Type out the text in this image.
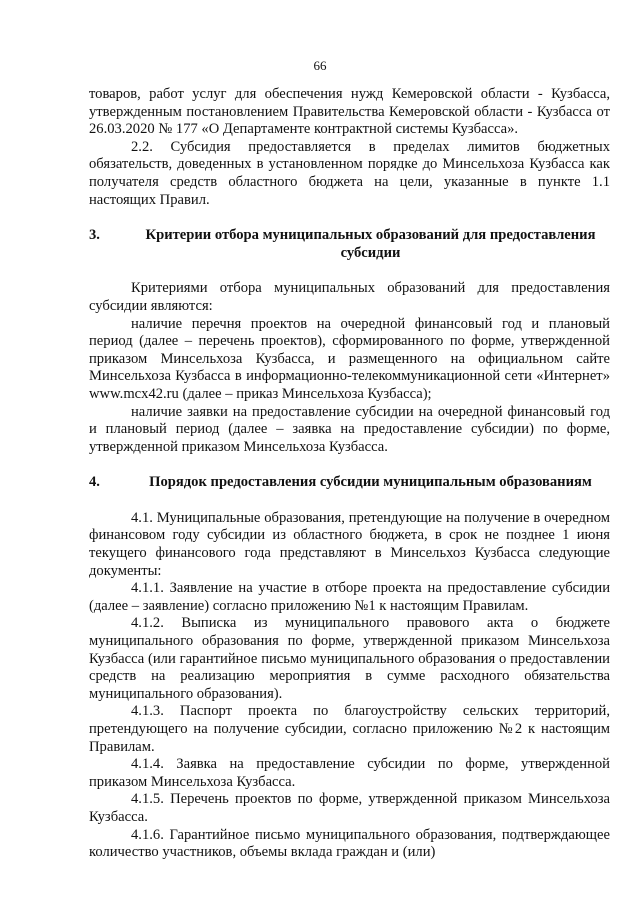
66

товаров, работ услуг для обеспечения нужд Кемеровской области - Кузбасса, утвержденным постановлением Правительства Кемеровской области - Кузбасса от 26.03.2020 № 177 «О Департаменте контрактной системы Кузбасса».

2.2. Субсидия предоставляется в пределах лимитов бюджетных обязательств, доведенных в установленном порядке до Минсельхоза Кузбасса как получателя средств областного бюджета на цели, указанные в пункте 1.1 настоящих Правил.

3.	Критерии отбора муниципальных образований для предоставления субсидии

Критериями отбора муниципальных образований для предоставления субсидии являются:

наличие перечня проектов на очередной финансовый год и плановый период (далее – перечень проектов), сформированного по форме, утвержденной приказом Минсельхоза Кузбасса, и размещенного на официальном сайте Минсельхоза Кузбасса в информационно-телекоммуникационной сети «Интернет» www.mcx42.ru (далее – приказ Минсельхоза Кузбасса);

наличие заявки на предоставление субсидии на очередной финансовый год и плановый период (далее – заявка на предоставление субсидии) по форме, утвержденной приказом Минсельхоза Кузбасса.

4.	Порядок предоставления субсидии муниципальным образованиям

4.1. Муниципальные образования, претендующие на получение в очередном финансовом году субсидии из областного бюджета, в срок не позднее 1 июня текущего финансового года представляют в Минсельхоз Кузбасса следующие документы:

4.1.1. Заявление на участие в отборе проекта на предоставление субсидии (далее – заявление) согласно приложению №1 к настоящим Правилам.

4.1.2. Выписка из муниципального правового акта о бюджете муниципального образования по форме, утвержденной приказом Минсельхоза Кузбасса (или гарантийное письмо муниципального образования о предоставлении средств на реализацию мероприятия в сумме расходного обязательства муниципального образования).

4.1.3. Паспорт проекта по благоустройству сельских территорий, претендующего на получение субсидии, согласно приложению №2 к настоящим Правилам.

4.1.4. Заявка на предоставление субсидии по форме, утвержденной приказом Минсельхоза Кузбасса.

4.1.5. Перечень проектов по форме, утвержденной приказом Минсельхоза Кузбасса.

4.1.6. Гарантийное письмо муниципального образования, подтверждающее количество участников, объемы вклада граждан и (или)
